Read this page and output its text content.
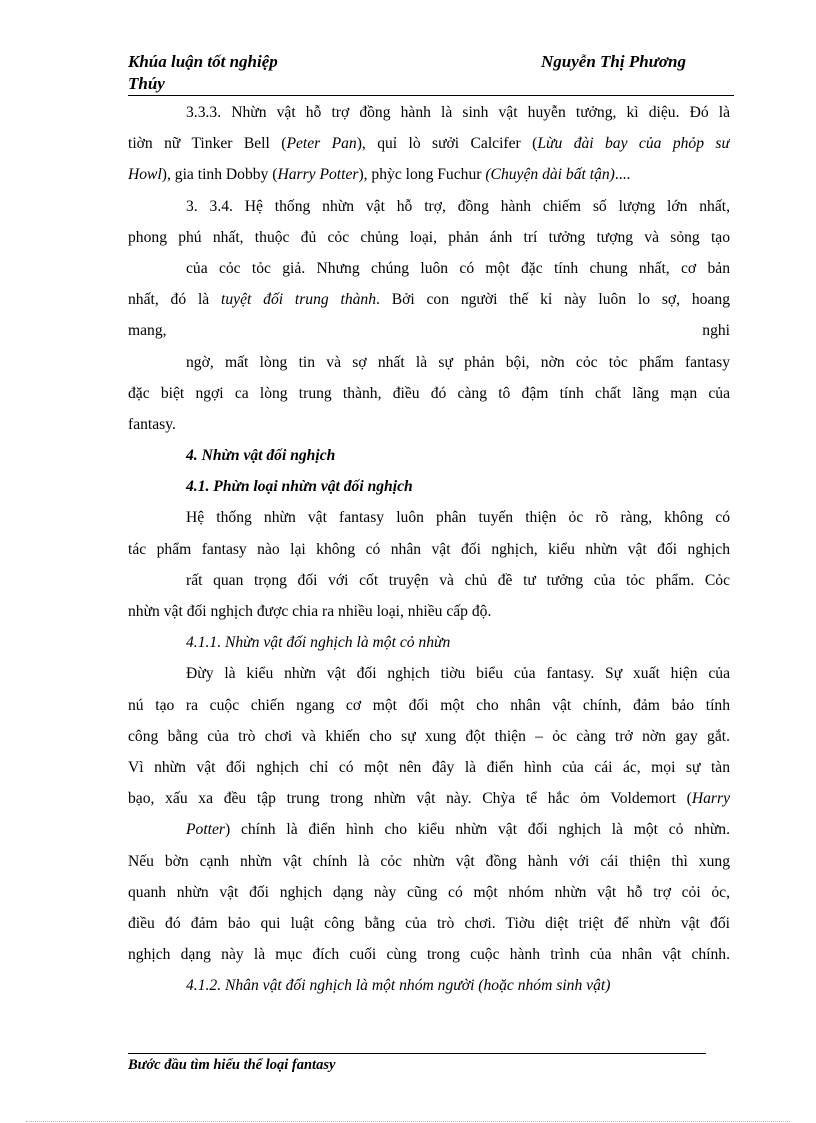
Khúa luận tốt nghiệp	Nguyễn Thị Phương
Thúy
3.3.3. Nhừn vật hỗ trợ đồng hành là sinh vật huyễn tưởng, kì diệu. Đó là
tiờn nữ Tinker Bell (Peter Pan), quỉ lò sưởi Calcifer (Lừu đài bay của phỏp sư
Howl), gia tinh Dobby (Harry Potter), phỳc long Fuchur (Chuyện dài bất tận)....
3. 3.4. Hệ thống nhừn vật hỗ trợ, đồng hành chiếm số lượng lớn nhất,
phong phú nhất, thuộc đủ cỏc chủng loại, phản ánh trí tưởng tượng và sỏng tạo
của cỏc tỏc giả. Nhưng chúng luôn có một đặc tính chung nhất, cơ bản
nhất, đó là tuyệt đối trung thành. Bởi con người thế kỉ này luôn lo sợ, hoang
mang,	nghi
ngờ, mất lòng tin và sợ nhất là sự phản bội, nờn cỏc tỏc phẩm fantasy
đặc biệt ngợi ca lòng trung thành, điều đó càng tô đậm tính chất lãng mạn của
fantasy.
4. Nhừn vật đối nghịch
4.1. Phừn loại nhừn vật đối nghịch
Hệ thống nhừn vật fantasy luôn phân tuyến thiện ỏc rõ ràng, không có
tác phẩm fantasy nào lại không có nhân vật đối nghịch, kiểu nhừn vật đối nghịch
rất quan trọng đối với cốt truyện và chủ đề tư tưởng của tỏc phẩm. Cỏc
nhừn vật đối nghịch được chia ra nhiều loại, nhiều cấp độ.
4.1.1. Nhừn vật đối nghịch là một cỏ nhừn
Đừy là kiểu nhừn vật đối nghịch tiờu biểu của fantasy. Sự xuất hiện của
nú tạo ra cuộc chiến ngang cơ một đối một cho nhân vật chính, đảm bảo tính
công bằng của trò chơi và khiến cho sự xung đột thiện – ỏc càng trở nờn gay gắt.
Vì nhừn vật đối nghịch chỉ có một nên đây là điển hình của cái ác, mọi sự tàn
bạo, xấu xa đều tập trung trong nhừn vật này. Chỳa tể hắc ỏm Voldemort (Harry
Potter) chính là điển hình cho kiểu nhừn vật đối nghịch là một cỏ nhừn.
Nếu bờn cạnh nhừn vật chính là cỏc nhừn vật đồng hành với cái thiện thì xung
quanh nhừn vật đối nghịch dạng này cũng có một nhóm nhừn vật hỗ trợ cỏi ỏc,
điều đó đảm bảo qui luật công bằng của trò chơi. Tiờu diệt triệt để nhừn vật đối
nghịch dạng này là mục đích cuối cùng trong cuộc hành trình của nhân vật chính.
4.1.2. Nhân vật đối nghịch là một nhóm người (hoặc nhóm sinh vật)
Bước đầu tìm hiểu thể loại fantasy
